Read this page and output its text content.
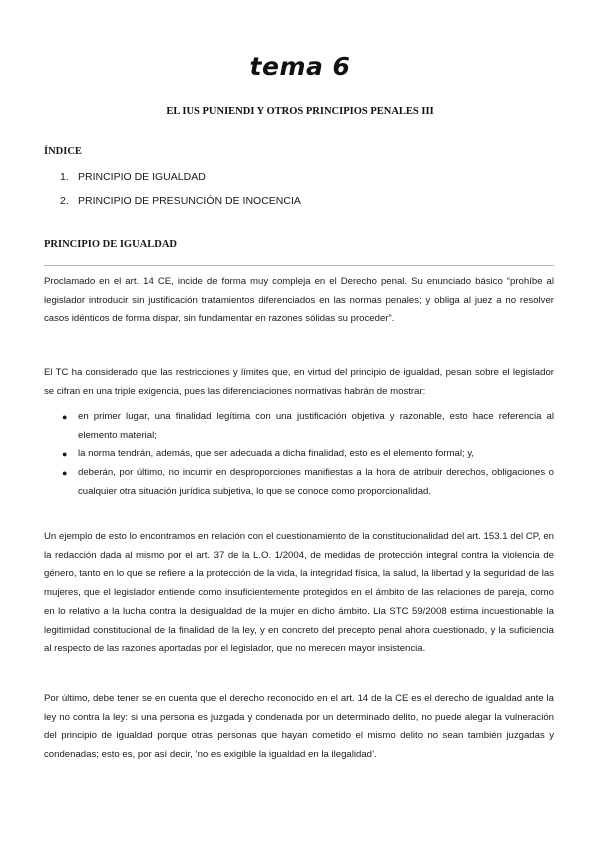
tema 6
EL IUS PUNIENDI Y OTROS PRINCIPIOS PENALES III
ÍNDICE
1. PRINCIPIO DE IGUALDAD
2. PRINCIPIO DE PRESUNCIÓN DE INOCENCIA
PRINCIPIO DE IGUALDAD

Proclamado en el art. 14 CE, incide de forma muy compleja en el Derecho penal. Su enunciado básico “prohíbe al legislador introducir sin justificación tratamientos diferenciados en las normas penales; y obliga al juez a no resolver casos idénticos de forma dispar, sin fundamentar en razones sólidas su proceder”.

El TC ha considerado que las restricciones y límites que, en virtud del principio de igualdad, pesan sobre el legislador se cifran en una triple exigencia, pues las diferenciaciones normativas habrán de mostrar:

● en primer lugar, una finalidad legítima con una justificación objetiva y razonable, esto hace referencia al elemento material;
● la norma tendrán, además, que ser adecuada a dicha finalidad, esto es el elemento formal; y,
● deberán, por último, no incurrir en desproporciones manifiestas a la hora de atribuir derechos, obligaciones o cualquier otra situación jurídica subjetiva, lo que se conoce como proporcionalidad.

Un ejemplo de esto lo encontramos en relación con el cuestionamiento de la constitucionalidad del art. 153.1 del CP, en la redacción dada al mismo por el art. 37 de la L.O. 1/2004, de medidas de protección integral contra la violencia de género, tanto en lo que se refiere a la protección de la vida, la integridad física, la salud, la libertad y la seguridad de las mujeres, que el legislador entiende como insuficientemente protegidos en el ámbito de las relaciones de pareja, como en lo relativo a la lucha contra la desigualdad de la mujer en dicho ámbito. Lla STC 59/2008 estima incuestionable la legitimidad constitucional de la finalidad de la ley, y en concreto del precepto penal ahora cuestionado, y la suficiencia al respecto de las razones aportadas por el legislador, que no merecen mayor insistencia.

Por último, debe tener se en cuenta que el derecho reconocido en el art. 14 de la CE es el derecho de igualdad ante la ley no contra la ley: si una persona es juzgada y condenada por un determinado delito, no puede alegar la vulneración del principio de igualdad porque otras personas que hayan cometido el mismo delito no sean también juzgadas y condenadas; esto es, por así decir, ‘no es exigible la igualdad en la ilegalidad’.
